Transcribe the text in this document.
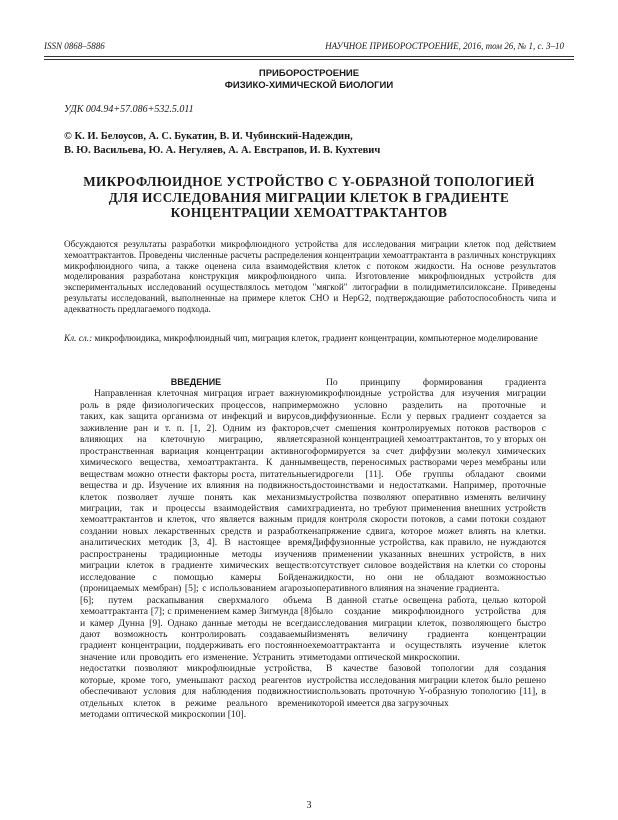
ISSN 0868–5886	НАУЧНОЕ ПРИБОРОСТРОЕНИЕ, 2016, том 26, № 1, с. 3–10
ПРИБОРОСТРОЕНИЕ
ФИЗИКО-ХИМИЧЕСКОЙ БИОЛОГИИ
УДК 004.94+57.086+532.5.011
© К. И. Белоусов, А. С. Букатин, В. И. Чубинский-Надеждин,
В. Ю. Васильева, Ю. А. Негуляев, А. А. Евстрапов, И. В. Кухтевич
МИКРОФЛЮИДНОЕ УСТРОЙСТВО С Y-ОБРАЗНОЙ ТОПОЛОГИЕЙ
ДЛЯ ИССЛЕДОВАНИЯ МИГРАЦИИ КЛЕТОК В ГРАДИЕНТЕ
КОНЦЕНТРАЦИИ ХЕМОАТТРАКТАНТОВ
Обсуждаются результаты разработки микрофлюидного устройства для исследования миграции клеток под действием хемоаттрактантов. Проведены численные расчеты распределения концентрации хемоаттрактанта в различных конструкциях микрофлюидного чипа, а также оценена сила взаимодействия клеток с потоком жидкости. На основе результатов моделирования разработана конструкция микрофлюидного чипа. Изготовление микрофлюидных устройств для экспериментальных исследований осуществлялось методом "мягкой" литографии в полидиметилсилоксане. Приведены результаты исследований, выполненные на примере клеток CHO и HepG2, подтверждающие работоспособность чипа и адекватность предлагаемого подхода.
Кл. сл.: микрофлюидика, микрофлюидный чип, миграция клеток, градиент концентрации, компьютерное моделирование

ВВЕДЕНИЕ

Направленная клеточная миграция играет важную роль в ряде физиологических процессов, например таких, как защита организма от инфекций и вирусов, заживление ран и т. п. [1, 2]. Одним из факторов, влияющих на клеточную миграцию, является пространственная вариация концентрации активного химического вещества, хемоаттрактанта. К данным веществам можно отнести факторы роста, питательные вещества и др. Изучение их влияния на подвижность клеток позволяет лучше понять как механизмы миграции, так и процессы взаимодействия самих хемоаттрактантов и клеток, что является важным при создании новых лекарственных средств и разработке аналитических методик [3, 4]. В настоящее время распространены традиционные методы изучения миграции клеток в градиенте химических веществ: исследование с помощью камеры Бойдена (проницаемых мембран) [5]; с использованием агарозы [6]; путем раскапывания сверхмалого объема хемоаттрактанта [7]; с применением камер Зигмунда [8] и камер Дунна [9]. Однако данные методы не всегда дают возможность контролировать создаваемый градиент концентрации, поддерживать его постоянное значение или проводить его изменение. Устранить эти недостатки позволяют микрофлюидные устройства, которые, кроме того, уменьшают расход реагентов и обеспечивают условия для наблюдения подвижности отдельных клеток в режиме реального времени методами оптической микроскопии [10].

По принципу формирования градиента микрофлюидные устройства для изучения миграции можно условно разделить на проточные и диффузионные. Если у первых градиент создается за счет смешения контролируемых потоков растворов с разной концентрацией хемоаттрактантов, то у вторых он формируется за счет диффузии молекул химических веществ, переносимых растворами через мембраны или гидрогели [11]. Обе группы обладают своими достоинствами и недостатками. Например, проточные устройства позволяют оперативно изменять величину градиента, но требуют применения внешних устройств для контроля скорости потоков, а сами потоки создают напряжение сдвига, которое может влиять на клетки. Диффузионные устройства, как правило, не нуждаются в применении указанных внешних устройств, в них отсутствует силовое воздействия на клетки со стороны жидкости, но они не обладают возможностью оперативного влияния на значение градиента.

В данной статье освещена работа, целью которой было создание микрофлюидного устройства для исследования миграции клеток, позволяющего быстро изменять величину градиента концентрации хемоаттрактанта и осуществлять изучение клеток методами оптической микроскопии.

В качестве базовой топологии для создания устройства исследования миграции клеток было решено использовать проточную Y-образную топологию [11], в которой имеется два загрузочных

3
